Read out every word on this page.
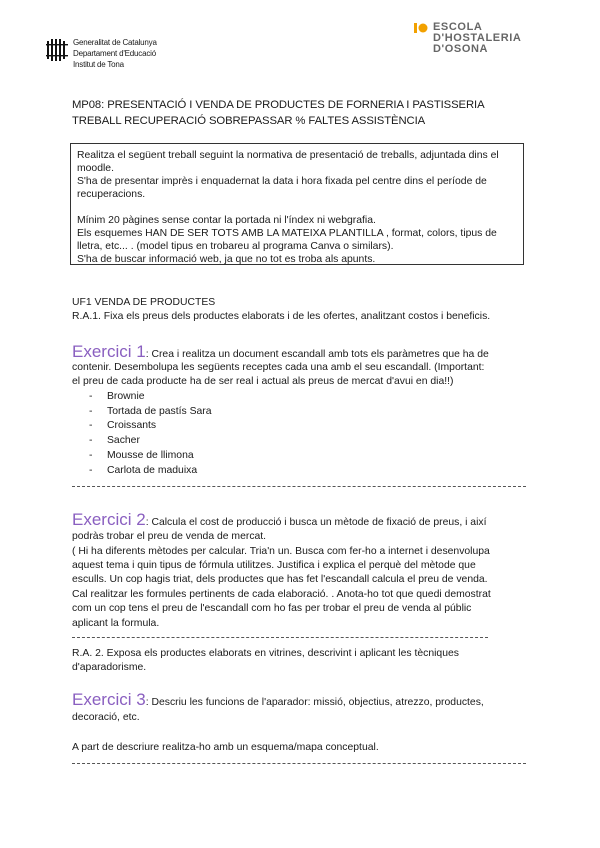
Generalitat de Catalunya
Departament d'Educació
Institut de Tona
ESCOLA
D'HOSTALERIA
D'OSONA
MP08: PRESENTACIÓ I VENDA DE PRODUCTES DE FORNERIA I PASTISSERIA
TREBALL RECUPERACIÓ SOBREPASSAR % FALTES ASSISTÈNCIA

Realitza el següent treball seguint la normativa de presentació de treballs, adjuntada dins el moodle.

S'ha de presentar imprès i enquadernat la data i hora fixada pel centre dins el període de recuperacions.

Mínim 20 pàgines sense contar la portada ni l'índex ni webgrafia.

Els esquemes HAN DE SER TOTS AMB LA MATEIXA PLANTILLA , format, colors, tipus de lletra, etc... . (model tipus en trobareu al programa Canva o similars).

S'ha de buscar informació web, ja que no tot es troba als apunts.

UF1 VENDA DE PRODUCTES
R.A.1. Fixa els preus dels productes elaborats i de les ofertes, analitzant costos i beneficis.
Exercici 1: Crea i realitza un document escandall amb tots els paràmetres que ha de
contenir. Desembolupa les següents receptes cada una amb el seu escandall. (Important:
el preu de cada producte ha de ser real i actual als preus de mercat d'avui en dia!!)
- Brownie
- Tortada de pastís Sara
- Croissants
- Sacher
- Mousse de llimona
- Carlota de maduixa
Exercici 2: Calcula el cost de producció i busca un mètode de fixació de preus, i així
podràs trobar el preu de venda de mercat.
( Hi ha diferents mètodes per calcular. Tria'n un. Busca com fer-ho a internet i desenvolupa
aquest tema i quin tipus de fórmula utilitzes. Justifica i explica el perquè del mètode que
esculls. Un cop hagis triat, dels productes que has fet l'escandall calcula el preu de venda.
Cal realitzar les formules pertinents de cada elaboració. . Anota-ho tot que quedi demostrat
com un cop tens el preu de l'escandall com ho fas per trobar el preu de venda al públic
aplicant la formula.
R.A. 2. Exposa els productes elaborats en vitrines, descrivint i aplicant les tècniques
d'aparadorisme.
Exercici 3: Descriu les funcions de l'aparador: missió, objectius, atrezzo, productes,
decoració, etc.
A part de descriure realitza-ho amb un esquema/mapa conceptual.
